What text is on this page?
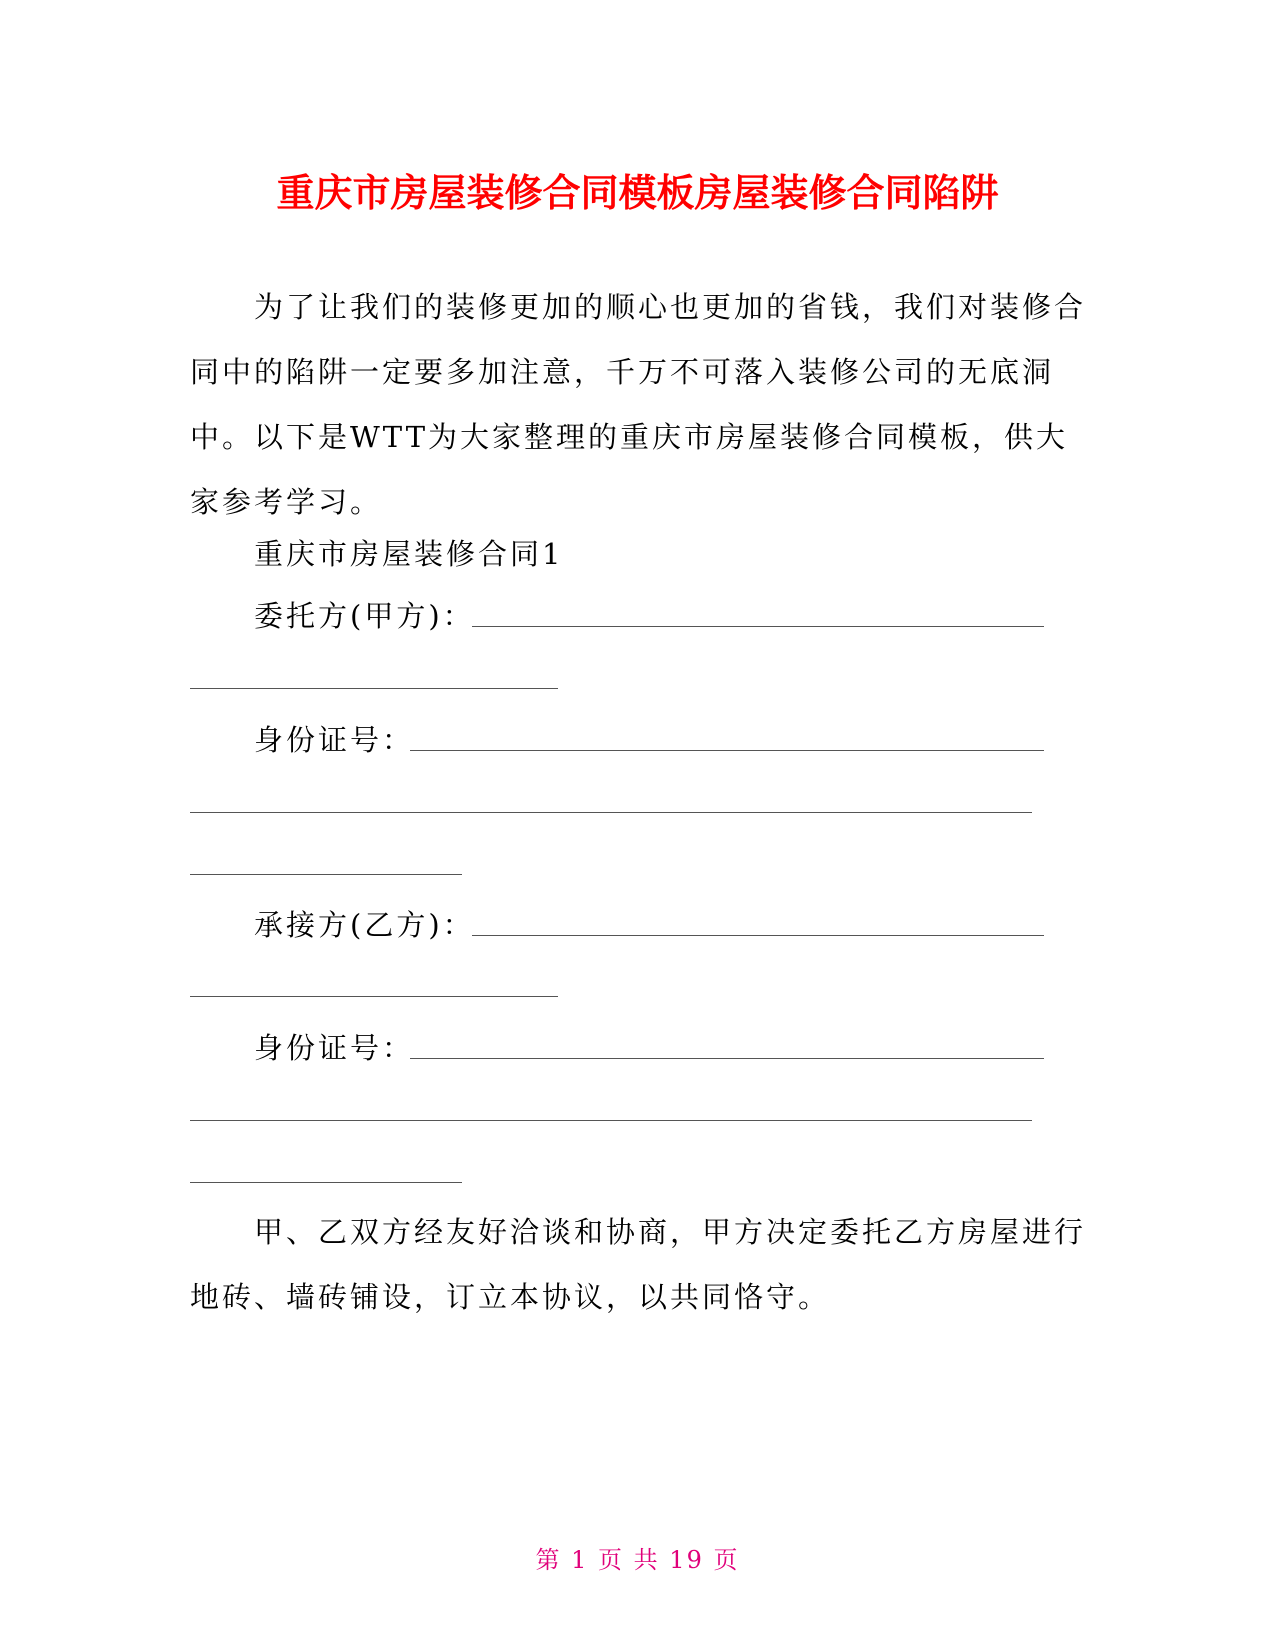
重庆市房屋装修合同模板房屋装修合同陷阱

为了让我们的装修更加的顺心也更加的省钱，我们对装修合同中的陷阱一定要多加注意，千万不可落入装修公司的无底洞中。以下是WTT为大家整理的重庆市房屋装修合同模板，供大家参考学习。

重庆市房屋装修合同1
委托方(甲方)：
身份证号：
承接方(乙方)：
身份证号：

甲、乙双方经友好洽谈和协商，甲方决定委托乙方房屋进行地砖、墙砖铺设，订立本协议，以共同恪守。

第 1 页 共 19 页
